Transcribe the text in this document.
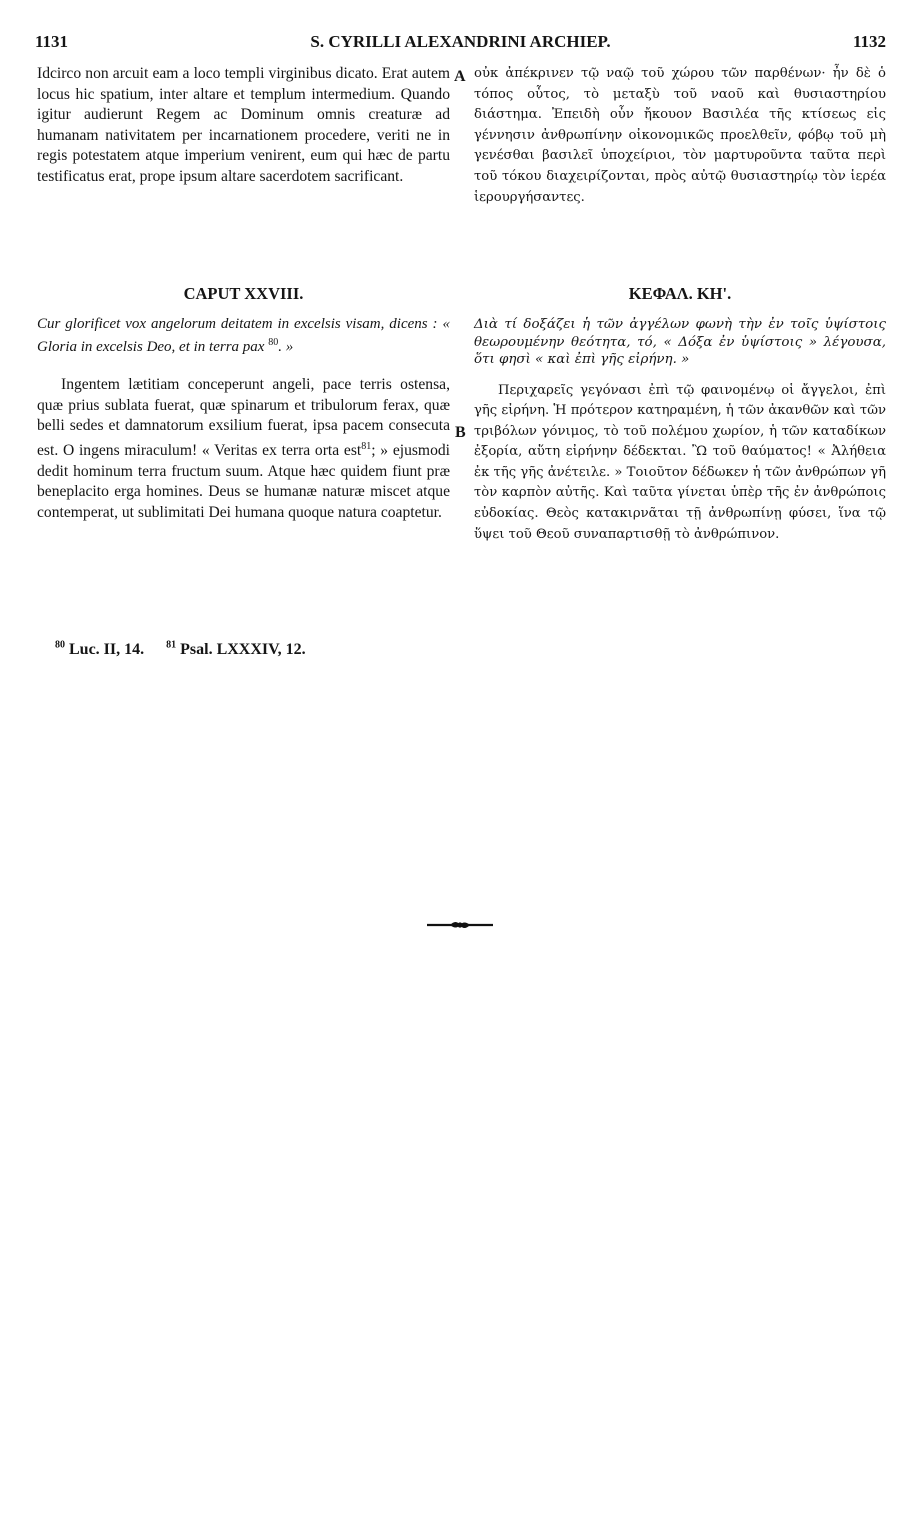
1131	S. CYRILLI ALEXANDRINI ARCHIEP.	1132

Idcirco non arcuit eam a loco templi virginibus dicato. Erat autem locus hic spatium, inter altare et templum intermedium. Quando igitur audierunt Regem ac Dominum omnis creaturæ ad humanam nativitatem per incarnationem procedere, veriti ne in regis potestatem atque imperium venirent, eum qui hæc de partu testificatus erat, prope ipsum altare sacerdotem sacrificant.

CAPUT XXVIII.

Cur glorificet vox angelorum deitatem in excelsis visam, dicens : « Gloria in excelsis Deo, et in terra pax $^{80}$. »

Ingentem lætitiam conceperunt angeli, pace terris ostensa, quæ prius sublata fuerat, quæ spinarum et tribulorum ferax, quæ belli sedes et damnatorum exsilium fuerat, ipsa pacem consecuta est. O ingens miraculum! « Veritas ex terra orta est$^{81}$; » ejusmodi dedit hominum terra fructum suum. Atque hæc quidem fiunt præ beneplacito erga homines. Deus se humanæ naturæ miscet atque contemperat, ut sublimitati Dei humana quoque natura coaptetur.

A
B

οὐκ ἀπέκρινεν τῷ ναῷ τοῦ χώρου τῶν παρθένων· ἦν δὲ ὁ τόπος οὗτος, τὸ μεταξὺ τοῦ ναοῦ καὶ θυσιαστηρίου διάστημα. Ἐπειδὴ οὖν ἤκουον Βασιλέα τῆς κτίσεως εἰς γέννησιν ἀνθρωπίνην οἰκονομικῶς προελθεῖν, φόβῳ τοῦ μὴ γενέσθαι βασιλεῖ ὑποχείριοι, τὸν μαρτυροῦντα ταῦτα περὶ τοῦ τόκου διαχειρίζονται, πρὸς αὐτῷ θυσιαστηρίῳ τὸν ἱερέα ἱερουργήσαντες.

ΚΕΦΑΛ. ΚΗ'.

Διὰ τί δοξάζει ἡ τῶν ἀγγέλων φωνὴ τὴν ἐν τοῖς ὑψίστοις θεωρουμένην θεότητα, τό, « Δόξα ἐν ὑψίστοις » λέγουσα, ὅτι φησὶ « καὶ ἐπὶ γῆς εἰρήνη. »

Περιχαρεῖς γεγόνασι ἐπὶ τῷ φαινομένῳ οἱ ἄγγελοι, ἐπὶ γῆς εἰρήνη. Ἡ πρότερον κατηραμένη, ἡ τῶν ἀκανθῶν καὶ τῶν τριβόλων γόνιμος, τὸ τοῦ πολέμου χωρίον, ἡ τῶν καταδίκων ἐξορία, αὕτη εἰρήνην δέδεκται. Ὢ τοῦ θαύματος! « Ἀλήθεια ἐκ τῆς γῆς ἀνέτειλε. » Τοιοῦτον δέδωκεν ἡ τῶν ἀνθρώπων γῆ τὸν καρπὸν αὐτῆς. Καὶ ταῦτα γίνεται ὑπὲρ τῆς ἐν ἀνθρώποις εὐδοκίας. Θεὸς κατακιρνᾶται τῇ ἀνθρωπίνῃ φύσει, ἵνα τῷ ὕψει τοῦ Θεοῦ συναπαρτισθῇ τὸ ἀνθρώπινον.

$^{80}$ Luc. II, 14. $^{81}$ Psal. LXXXIV, 12.
